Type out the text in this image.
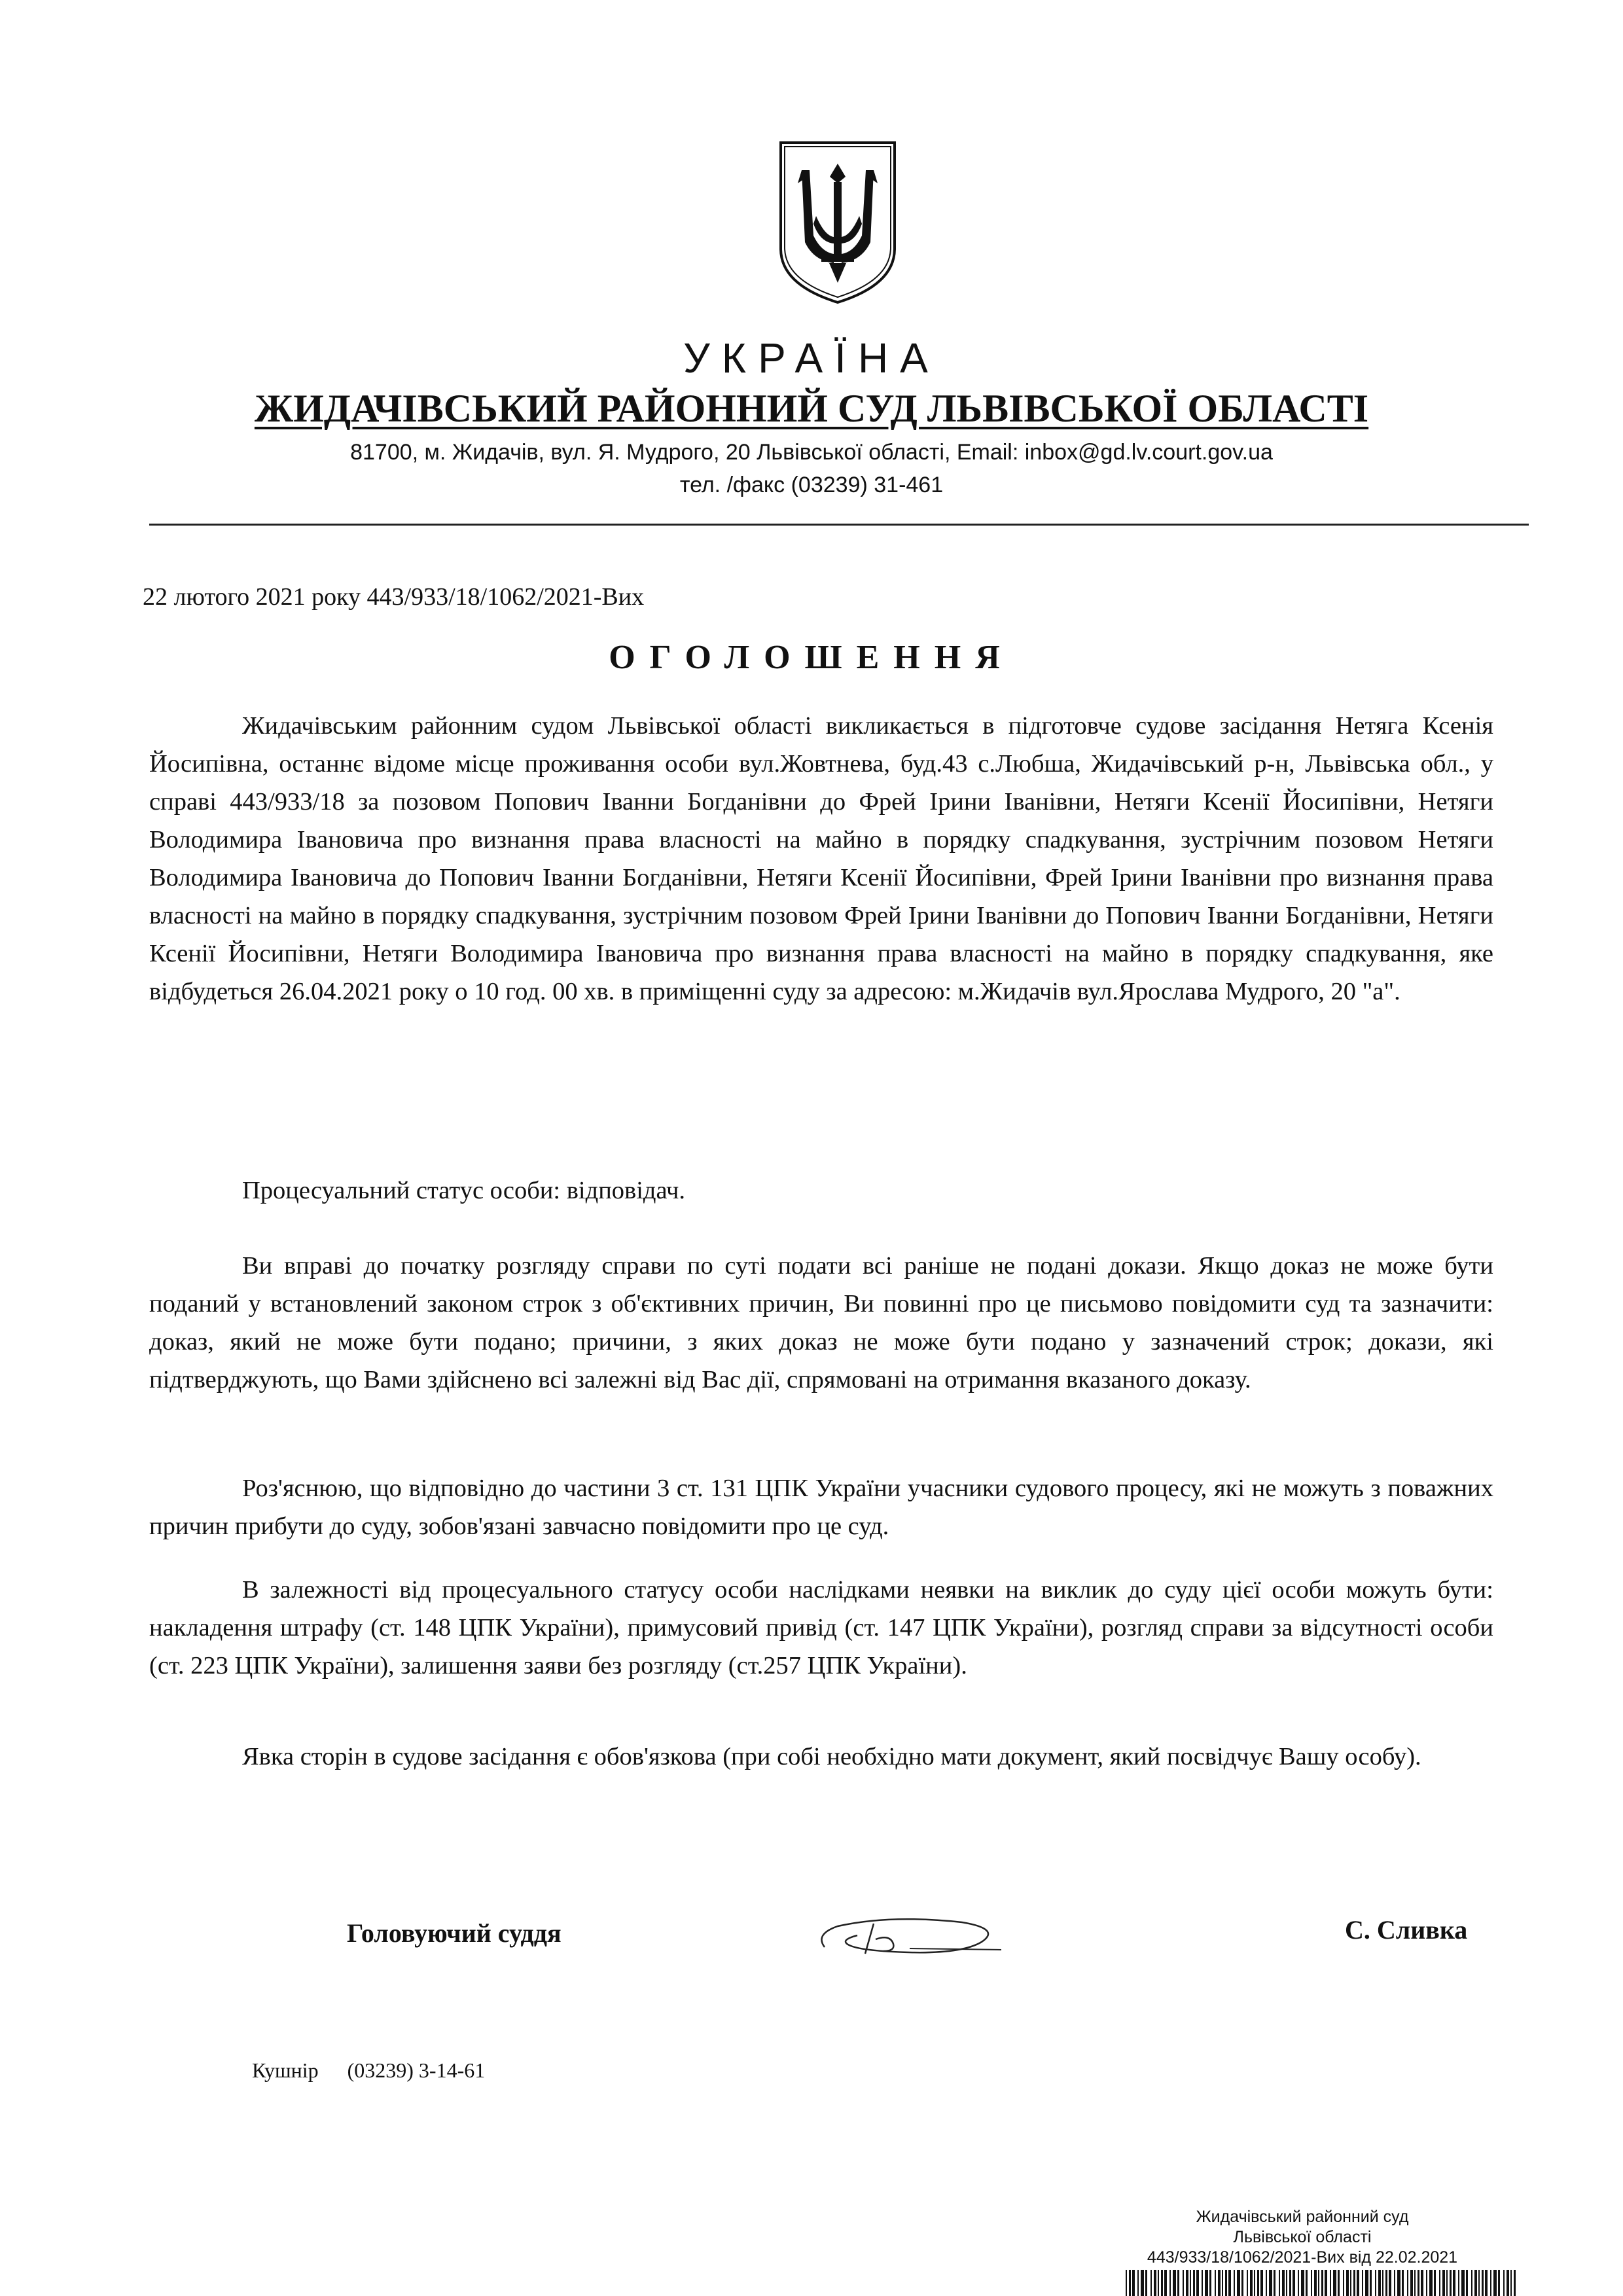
УКРАЇНА
ЖИДАЧІВСЬКИЙ РАЙОННИЙ СУД ЛЬВІВСЬКОЇ ОБЛАСТІ
81700, м. Жидачів, вул. Я. Мудрого, 20 Львівської області, Email: inbox@gd.lv.court.gov.ua
тел. /факс (03239) 31-461
22 лютого 2021 року 443/933/18/1062/2021-Вих
ОГОЛОШЕННЯ

Жидачівським районним судом Львівської області викликається в підготовче судове засідання Нетяга Ксенія Йосипівна, останнє відоме місце проживання особи вул.Жовтнева, буд.43 с.Любша, Жидачівський р-н, Львівська обл., у справі 443/933/18 за позовом Попович Іванни Богданівни до Фрей Ірини Іванівни, Нетяги Ксенії Йосипівни, Нетяги Володимира Івановича про визнання права власності на майно в порядку спадкування, зустрічним позовом Нетяги Володимира Івановича до Попович Іванни Богданівни, Нетяги Ксенії Йосипівни, Фрей Ірини Іванівни про визнання права власності на майно в порядку спадкування, зустрічним позовом Фрей Ірини Іванівни до Попович Іванни Богданівни, Нетяги Ксенії Йосипівни, Нетяги Володимира Івановича про визнання права власності на майно в порядку спадкування, яке відбудеться 26.04.2021 року о 10 год. 00 хв. в приміщенні суду за адресою: м.Жидачів вул.Ярослава Мудрого, 20 "а".

Процесуальний статус особи: відповідач.

Ви вправі до початку розгляду справи по суті подати всі раніше не подані докази. Якщо доказ не може бути поданий у встановлений законом строк з об'єктивних причин, Ви повинні про це письмово повідомити суд та зазначити: доказ, який не може бути подано; причини, з яких доказ не може бути подано у зазначений строк; докази, які підтверджують, що Вами здійснено всі залежні від Вас дії, спрямовані на отримання вказаного доказу.

Роз'яснюю, що відповідно до частини 3 ст. 131 ЦПК України учасники судового процесу, які не можуть з поважних причин прибути до суду, зобов'язані завчасно повідомити про це суд.

В залежності від процесуального статусу особи наслідками неявки на виклик до суду цієї особи можуть бути: накладення штрафу (ст. 148 ЦПК України), примусовий привід (ст. 147 ЦПК України), розгляд справи за відсутності особи (ст. 223 ЦПК України), залишення заяви без розгляду (ст.257 ЦПК України).

Явка сторін в судове засідання є обов'язкова (при собі необхідно мати документ, який посвідчує Вашу особу).

Головуючий суддя	С. Сливка
Кушнір (03239) 3-14-61
Жидачівський районний суд
Львівської області
443/933/18/1062/2021-Вих від 22.02.2021
